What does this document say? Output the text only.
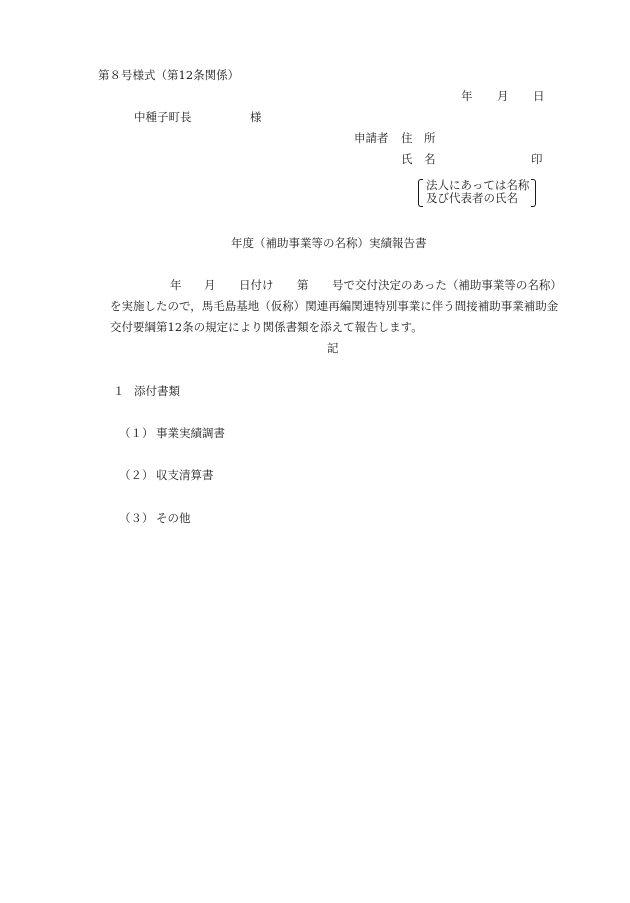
第８号様式（第12条関係）
年 月 日
中種子町長	様
申請者 住　所
氏　名	印
法人にあっては名称
及び代表者の氏名
年度（補助事業等の名称）実績報告書
年 月 日付け 第 号で交付決定のあった（補助事業等の名称）
を実施したので，馬毛島基地（仮称）関連再編関連特別事業に伴う間接補助事業補助金
交付要綱第12条の規定により関係書類を添えて報告します。
記
１ 添付書類
（１） 事業実績調書
（２） 収支清算書
（３） その他
